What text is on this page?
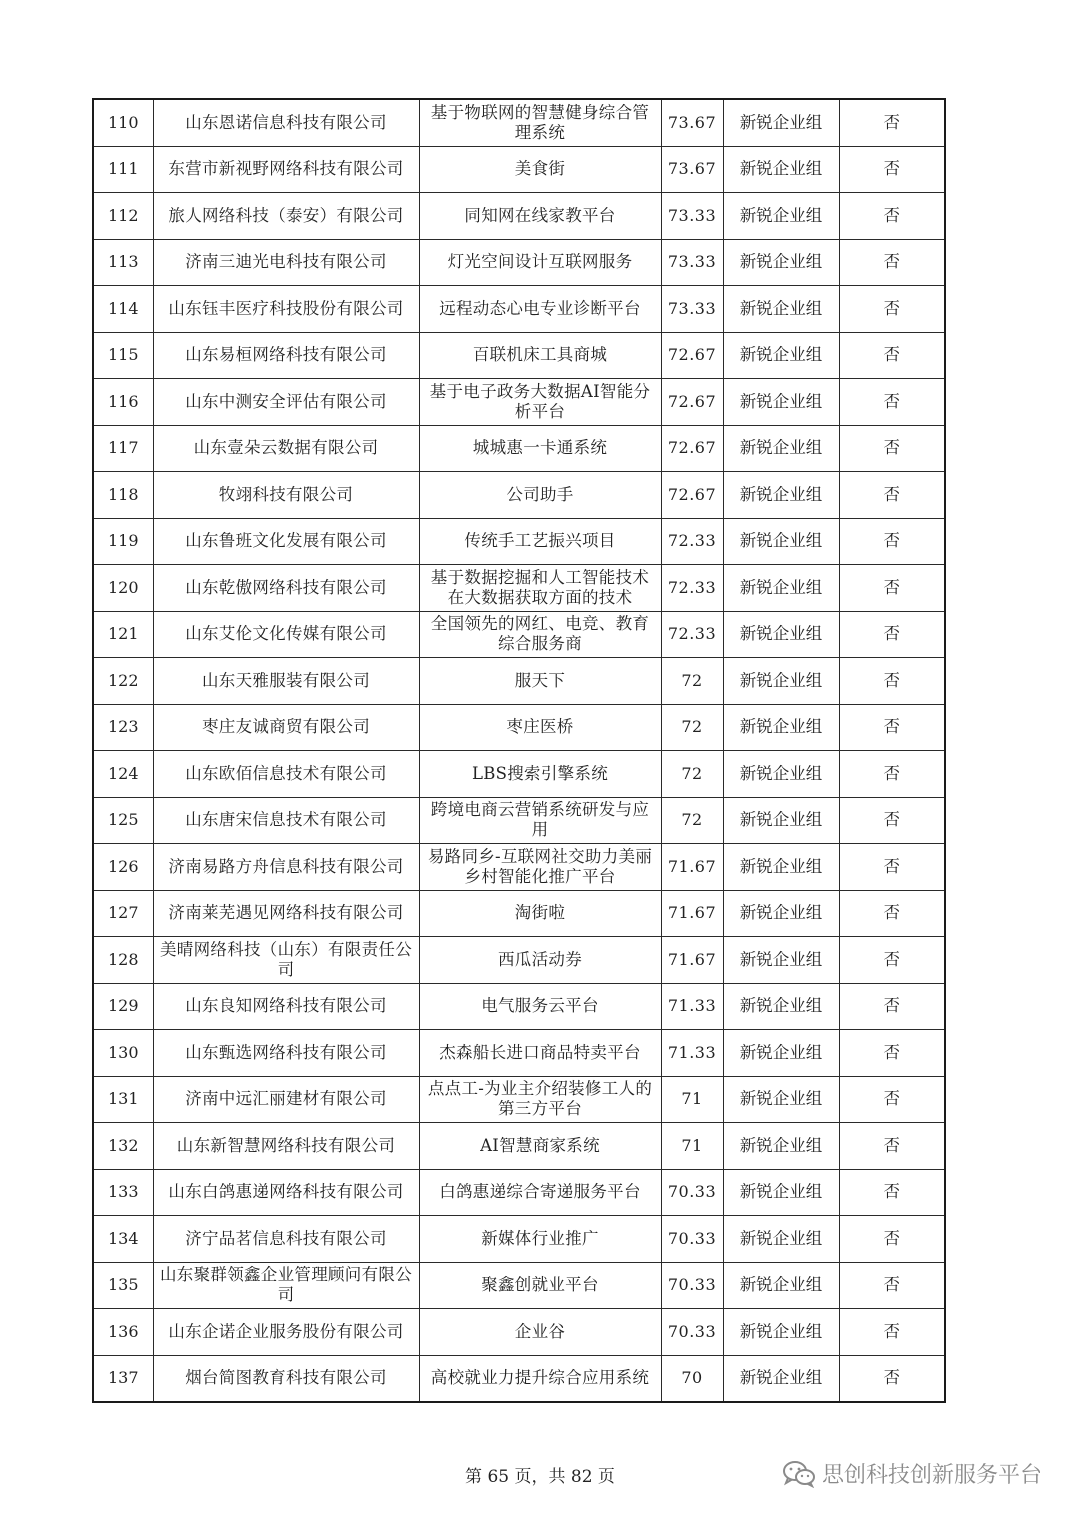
110	山东恩诺信息科技有限公司	基于物联网的智慧健身综合管理系统	73.67	新锐企业组	否
111	东营市新视野网络科技有限公司	美食街	73.67	新锐企业组	否
112	旅人网络科技（泰安）有限公司	同知网在线家教平台	73.33	新锐企业组	否
113	济南三迪光电科技有限公司	灯光空间设计互联网服务	73.33	新锐企业组	否
114	山东钰丰医疗科技股份有限公司	远程动态心电专业诊断平台	73.33	新锐企业组	否
115	山东易桓网络科技有限公司	百联机床工具商城	72.67	新锐企业组	否
116	山东中测安全评估有限公司	基于电子政务大数据AI智能分析平台	72.67	新锐企业组	否
117	山东壹朵云数据有限公司	城城惠一卡通系统	72.67	新锐企业组	否
118	牧翊科技有限公司	公司助手	72.67	新锐企业组	否
119	山东鲁班文化发展有限公司	传统手工艺振兴项目	72.33	新锐企业组	否
120	山东乾傲网络科技有限公司	基于数据挖掘和人工智能技术在大数据获取方面的技术	72.33	新锐企业组	否
121	山东艾伦文化传媒有限公司	全国领先的网红、电竞、教育综合服务商	72.33	新锐企业组	否
122	山东天雅服装有限公司	服天下	72	新锐企业组	否
123	枣庄友诚商贸有限公司	枣庄医桥	72	新锐企业组	否
124	山东欧佰信息技术有限公司	LBS搜索引擎系统	72	新锐企业组	否
125	山东唐宋信息技术有限公司	跨境电商云营销系统研发与应用	72	新锐企业组	否
126	济南易路方舟信息科技有限公司	易路同乡-互联网社交助力美丽乡村智能化推广平台	71.67	新锐企业组	否
127	济南莱芜遇见网络科技有限公司	淘街啦	71.67	新锐企业组	否
128	美晴网络科技（山东）有限责任公司	西瓜活动券	71.67	新锐企业组	否
129	山东良知网络科技有限公司	电气服务云平台	71.33	新锐企业组	否
130	山东甄选网络科技有限公司	杰森船长进口商品特卖平台	71.33	新锐企业组	否
131	济南中远汇丽建材有限公司	点点工-为业主介绍装修工人的第三方平台	71	新锐企业组	否
132	山东新智慧网络科技有限公司	AI智慧商家系统	71	新锐企业组	否
133	山东白鸽惠递网络科技有限公司	白鸽惠递综合寄递服务平台	70.33	新锐企业组	否
134	济宁品茗信息科技有限公司	新媒体行业推广	70.33	新锐企业组	否
135	山东聚群领鑫企业管理顾问有限公司	聚鑫创就业平台	70.33	新锐企业组	否
136	山东企诺企业服务股份有限公司	企业谷	70.33	新锐企业组	否
137	烟台简图教育科技有限公司	高校就业力提升综合应用系统	70	新锐企业组	否
第 65 页，共 82 页	思创科技创新服务平台
